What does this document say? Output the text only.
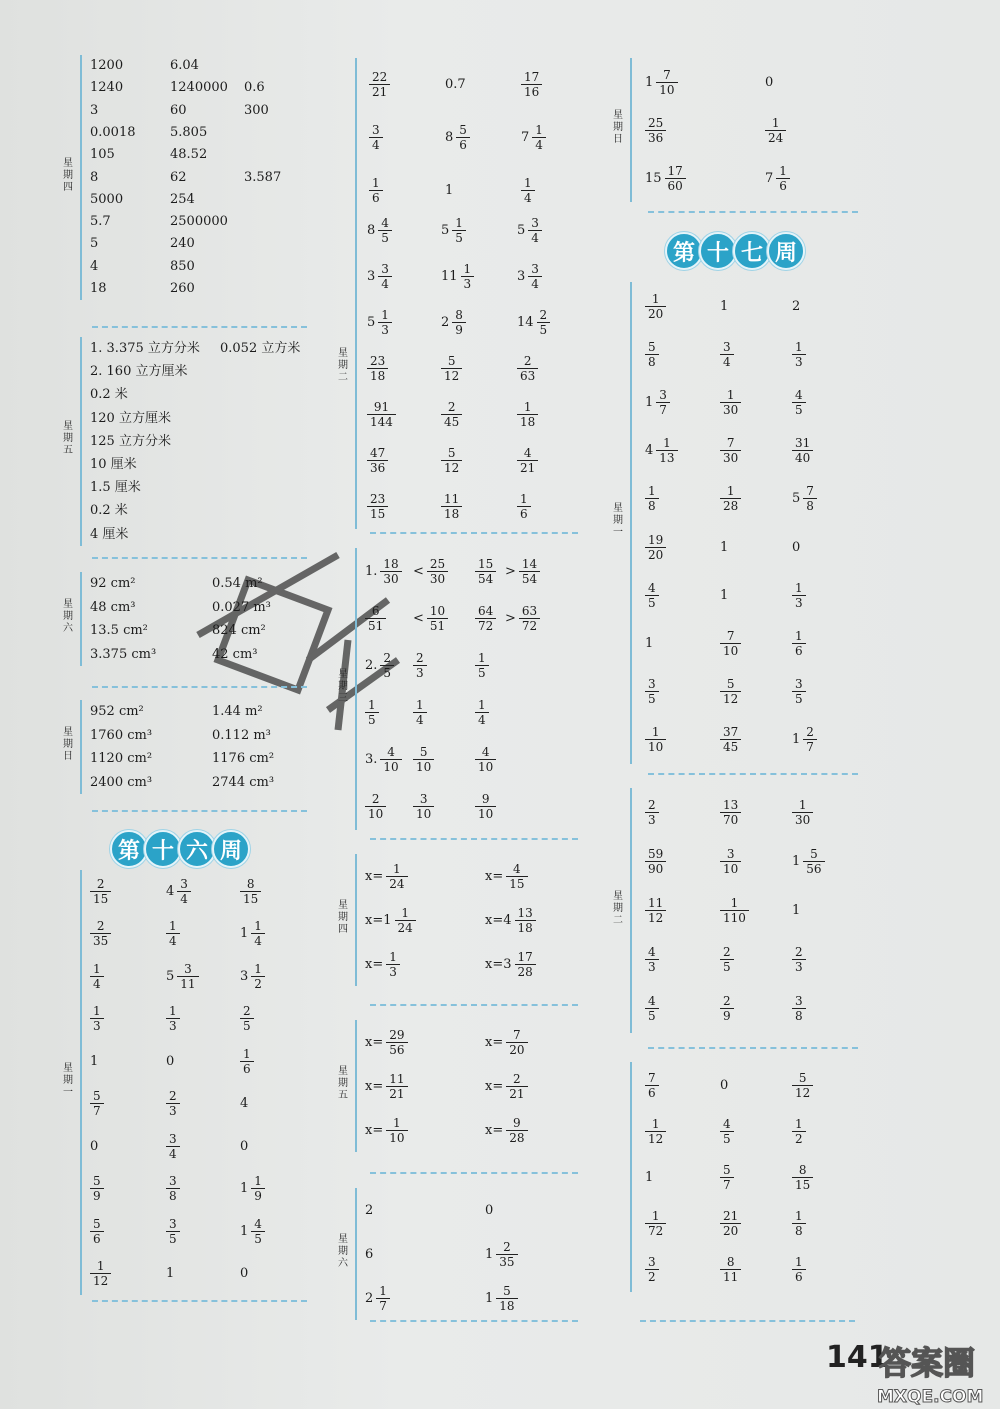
141
答案圈
MXQE.COM
星期四
1200	6.04
1240	1240000 0.6
3	60	300
0.0018	5.805
105	48.52
8	62	3.587
5000	254
5.7	2500000
5	240
4	850
18	260
星期五
1. 3.375 立方分米 0.052 立方米
2. 160 立方厘米
0.2 米
120 立方厘米
125 立方分米
10 厘米
1.5 厘米
0.2 米
4 厘米
星期六
92 cm²	0.54 m²
48 cm³	0.027 m³
13.5 cm²	824 cm²
3.375 cm³	42 cm³
星期日
952 cm²	1.44 m²
1760 cm³	0.112 m³
1120 cm²	1176 cm²
2400 cm³	2744 cm³
第 十 六 周
星期一
$\frac{2}{15}$	$4 \frac{3}{4}$	$\frac{8}{15}$
$\frac{2}{35}$	$\frac{1}{4}$	$1 \frac{1}{4}$
$\frac{1}{4}$	$5 \frac{3}{11}$	$3 \frac{1}{2}$
$\frac{1}{3}$	$\frac{1}{3}$	$\frac{2}{5}$
1	0	$\frac{1}{6}$
$\frac{5}{7}$	$\frac{2}{3}$	4
0	$\frac{3}{4}$	0
$\frac{5}{9}$	$\frac{3}{8}$	$1 \frac{1}{9}$
$\frac{5}{6}$	$\frac{3}{5}$	$1 \frac{4}{5}$
$\frac{1}{12}$	1	0
$\frac{22}{21}$	0.7	$\frac{17}{16}$
$\frac{3}{4}$	$8 \frac{5}{6}$	$7 \frac{1}{4}$
$\frac{1}{6}$	1	$\frac{1}{4}$
星期二
$8 \frac{4}{5}$	$5 \frac{1}{5}$	$5 \frac{3}{4}$
$3 \frac{3}{4}$	$11 \frac{1}{3}$	$3 \frac{3}{4}$
$5 \frac{1}{3}$	$2 \frac{8}{9}$	$14 \frac{2}{5}$
$\frac{23}{18}$	$\frac{5}{12}$	$\frac{2}{63}$
$\frac{91}{144}$	$\frac{2}{45}$	$\frac{1}{18}$
$\frac{47}{36}$	$\frac{5}{12}$	$\frac{4}{21}$
$\frac{23}{15}$	$\frac{11}{18}$	$\frac{1}{6}$
星期三
1. $\frac{18}{30} < \frac{25}{30} \frac{15}{54} > \frac{14}{54}$
$\frac{6}{51} < \frac{10}{51} \frac{64}{72} > \frac{63}{72}$
2. $\frac{2}{5} \frac{2}{3}$	$\frac{1}{5}$
$\frac{1}{5}$	$\frac{1}{4}$	$\frac{1}{4}$
3. $\frac{4}{10} \frac{5}{10}$	$\frac{4}{10}$
$\frac{2}{10} \frac{3}{10}$	$\frac{9}{10}$
星期四
$x= \frac{1}{24}$	$x= \frac{4}{15}$
$x=1 \frac{1}{24}$	$x=4 \frac{13}{18}$
$x= \frac{1}{3}$	$x=3 \frac{17}{28}$
星期五
$x= \frac{29}{56}$	$x= \frac{7}{20}$
$x= \frac{11}{21}$	$x= \frac{2}{21}$
$x= \frac{1}{10}$	$x= \frac{9}{28}$
星期六
2	0
6	$1 \frac{2}{35}$
$2 \frac{1}{7}$	$1 \frac{5}{18}$
星期日
$1 \frac{7}{10}$	0
$\frac{25}{36}$	$\frac{1}{24}$
$15 \frac{17}{60}$	$7 \frac{1}{6}$
第 十 七 周
星期一
$\frac{1}{20}$	1	2
$\frac{5}{8}$	$\frac{3}{4}$	$\frac{1}{3}$
$1 \frac{3}{7}$	$\frac{1}{30}$	$\frac{4}{5}$
$4 \frac{1}{13}$	$\frac{7}{30}$	$\frac{31}{40}$
$\frac{1}{8}$	$\frac{1}{28}$	$5 \frac{7}{8}$
$\frac{19}{20}$	1	0
$\frac{4}{5}$	1	$\frac{1}{3}$
1	$\frac{7}{10}$	$\frac{1}{6}$
$\frac{3}{5}$	$\frac{5}{12}$	$\frac{3}{5}$
$\frac{1}{10}$	$\frac{37}{45}$	$1 \frac{2}{7}$
星期二
$\frac{2}{3}$	$\frac{13}{70}$	$\frac{1}{30}$
$\frac{59}{90}$	$\frac{3}{10}$	$1 \frac{5}{56}$
$\frac{11}{12}$	$\frac{1}{110}$	1
$\frac{4}{3}$	$\frac{2}{5}$	$\frac{2}{3}$
$\frac{4}{5}$	$\frac{2}{9}$	$\frac{3}{8}$
$\frac{7}{6}$	0	$\frac{5}{12}$
$\frac{1}{12}$	$\frac{4}{5}$	$\frac{1}{2}$
1	$\frac{5}{7}$	$\frac{8}{15}$
$\frac{1}{72}$	$\frac{21}{20}$	$\frac{1}{8}$
$\frac{3}{2}$	$\frac{8}{11}$	$\frac{1}{6}$
